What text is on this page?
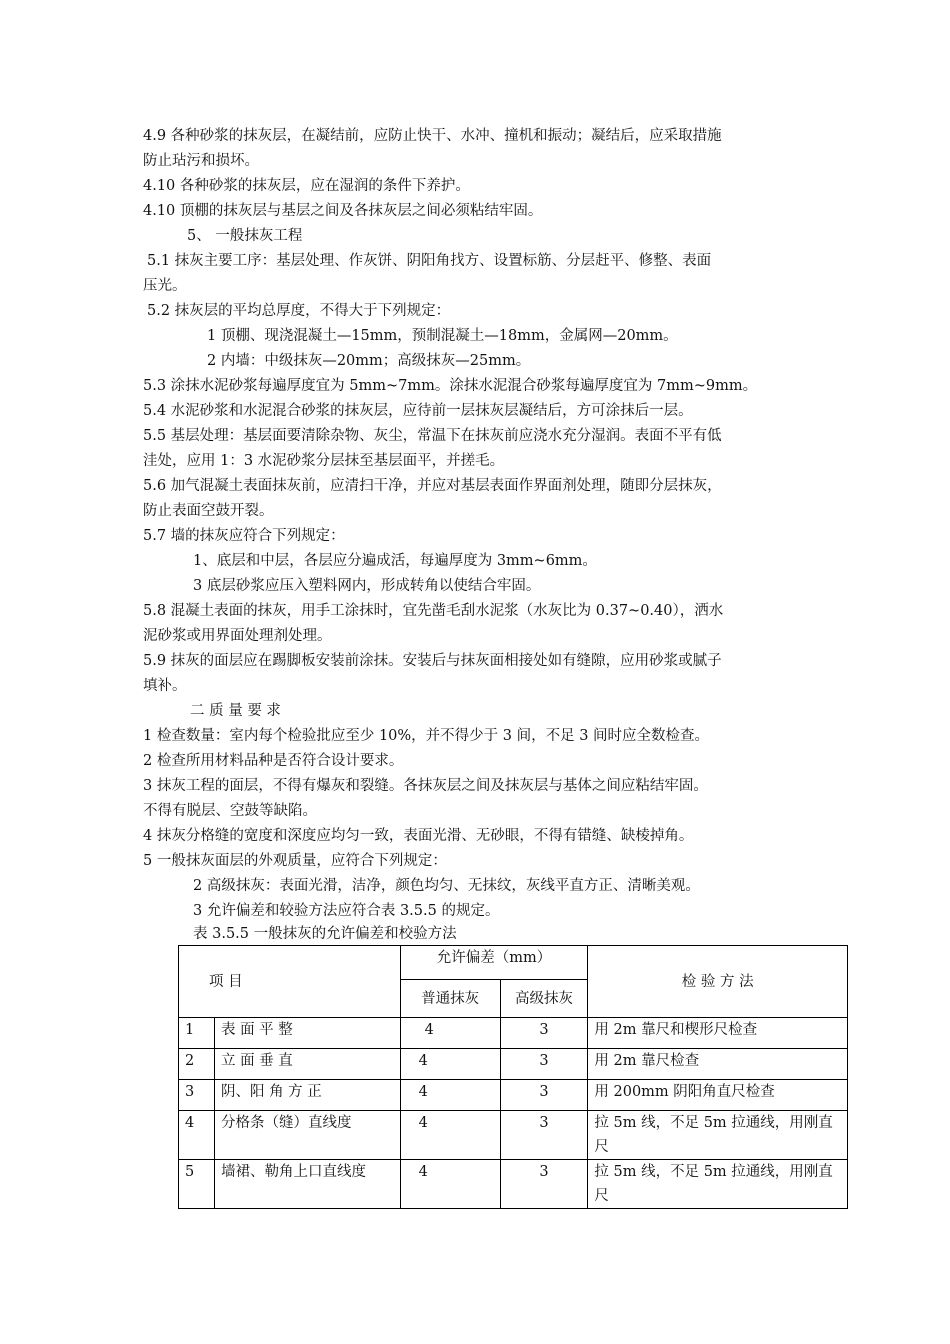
4.9 各种砂浆的抹灰层，在凝结前，应防止快干、水冲、撞机和振动；凝结后，应采取措施
防止玷污和损坏。
4.10 各种砂浆的抹灰层，应在湿润的条件下养护。
4.10 顶棚的抹灰层与基层之间及各抹灰层之间必须粘结牢固。
5、 一般抹灰工程
5.1 抹灰主要工序：基层处理、作灰饼、阴阳角找方、设置标筋、分层赶平、修整、表面
压光。
5.2 抹灰层的平均总厚度，不得大于下列规定：
1 顶棚、现浇混凝土—15mm，预制混凝土—18mm，金属网—20mm。
2 内墙：中级抹灰—20mm；高级抹灰—25mm。
5.3 涂抹水泥砂浆每遍厚度宜为 5mm~7mm。涂抹水泥混合砂浆每遍厚度宜为 7mm~9mm。
5.4 水泥砂浆和水泥混合砂浆的抹灰层，应待前一层抹灰层凝结后，方可涂抹后一层。
5.5 基层处理：基层面要清除杂物、灰尘，常温下在抹灰前应浇水充分湿润。表面不平有低
洼处，应用 1：3 水泥砂浆分层抹至基层面平，并搓毛。
5.6 加气混凝土表面抹灰前，应清扫干净，并应对基层表面作界面剂处理，随即分层抹灰，
防止表面空鼓开裂。
5.7 墙的抹灰应符合下列规定：
1、底层和中层，各层应分遍成活，每遍厚度为 3mm~6mm。
3 底层砂浆应压入塑料网内，形成转角以使结合牢固。
5.8 混凝土表面的抹灰，用手工涂抹时，宜先凿毛刮水泥浆（水灰比为 0.37~0.40），洒水
泥砂浆或用界面处理剂处理。
5.9 抹灰的面层应在踢脚板安装前涂抹。安装后与抹灰面相接处如有缝隙，应用砂浆或腻子
填补。
二 质 量 要 求
1 检查数量：室内每个检验批应至少 10%，并不得少于 3 间，不足 3 间时应全数检查。
2 检查所用材料品种是否符合设计要求。
3 抹灰工程的面层，不得有爆灰和裂缝。各抹灰层之间及抹灰层与基体之间应粘结牢固。
不得有脱层、空鼓等缺陷。
4 抹灰分格缝的宽度和深度应均匀一致，表面光滑、无砂眼，不得有错缝、缺棱掉角。
5 一般抹灰面层的外观质量，应符合下列规定：
2 高级抹灰：表面光滑，洁净，颜色均匀、无抹纹，灰线平直方正、清晰美观。
3 允许偏差和较验方法应符合表 3.5.5 的规定。
表 3.5.5 一般抹灰的允许偏差和校验方法
项 目		允许偏差（mm）		检 验 方 法
		普通抹灰	高级抹灰	
1	表 面 平 整	4	3	用 2m 靠尺和楔形尺检查
2	立 面 垂 直	4	3	用 2m 靠尺检查
3	阴、阳 角 方 正	4	3	用 200mm 阴阳角直尺检查
4	分格条（缝）直线度	4	3	拉 5m 线，不足 5m 拉通线，用刚直尺
5	墙裙、勒角上口直线度	4	3	拉 5m 线，不足 5m 拉通线，用刚直尺
